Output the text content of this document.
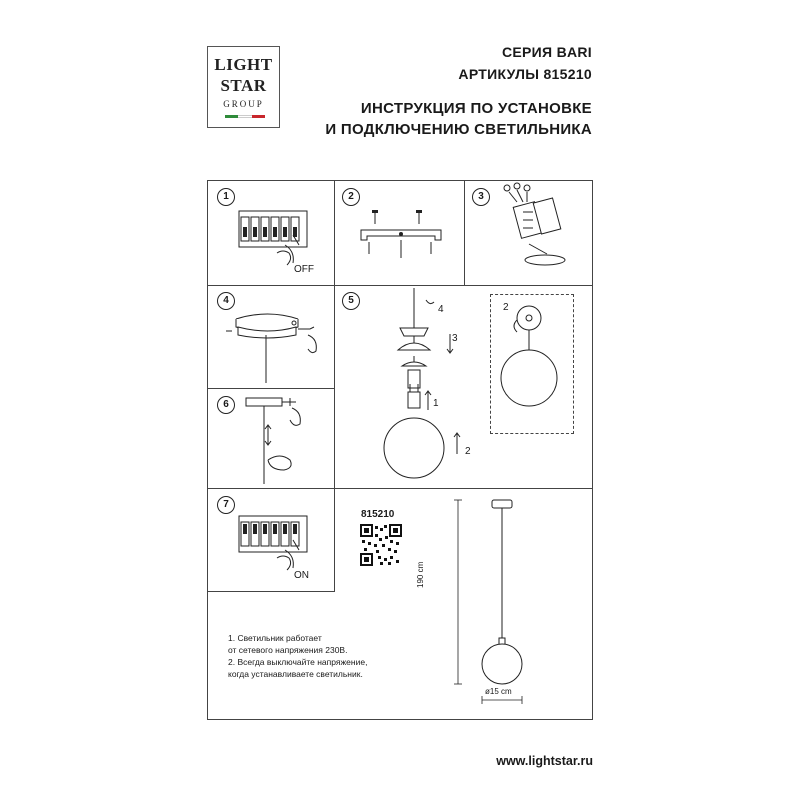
LIGHT
STAR
GROUP
СЕРИЯ BARI
АРТИКУЛЫ 815210
ИНСТРУКЦИЯ ПО УСТАНОВКЕ
И ПОДКЛЮЧЕНИЮ СВЕТИЛЬНИКА
1	2	3
4	5
6
7
OFF
4
3
1
2
2
ON
815210
190 cm
ø15 cm
1. Светильник работает
от сетевого напряжения 230В.
2. Всегда выключайте напряжение,
когда устанавливаете светильник.
www.lightstar.ru
